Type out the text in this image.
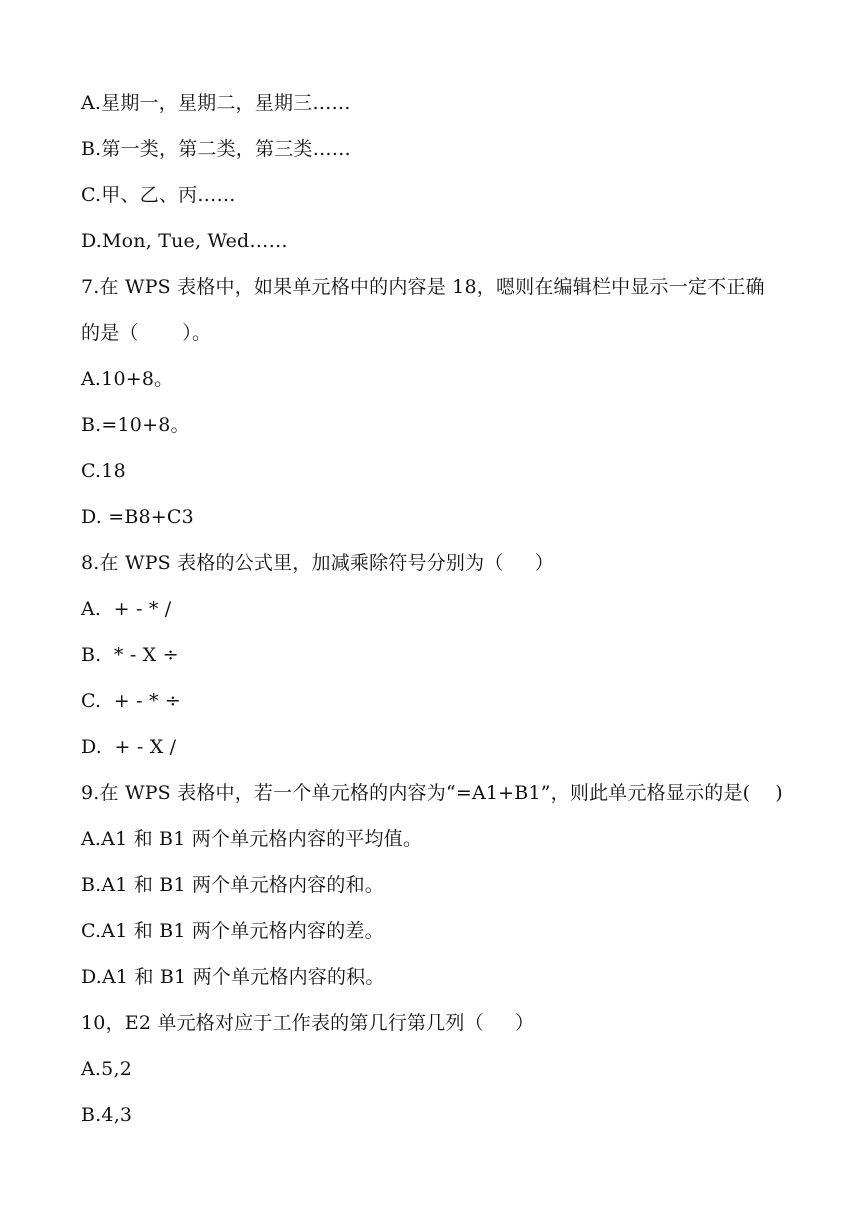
A.星期一，星期二，星期三……

B.第一类，第二类，第三类……

C.甲、乙、丙……

D.Mon, Tue, Wed……

7.在 WPS 表格中，如果单元格中的内容是 18，嗯则在编辑栏中显示一定不正确

的是（       ）。

A.10+8。

B.=10+8。

C.18

D. =B8+C3

8.在 WPS 表格的公式里，加减乘除符号分别为（     ）

A.  + - * /

B.  * - X ÷

C.  + - * ÷

D.  + - X /

9.在 WPS 表格中，若一个单元格的内容为“=A1+B1”，则此单元格显示的是(    )

A.A1 和 B1 两个单元格内容的平均值。

B.A1 和 B1 两个单元格内容的和。

C.A1 和 B1 两个单元格内容的差。

D.A1 和 B1 两个单元格内容的积。

10，E2 单元格对应于工作表的第几行第几列（     ）

A.5,2

B.4,3
